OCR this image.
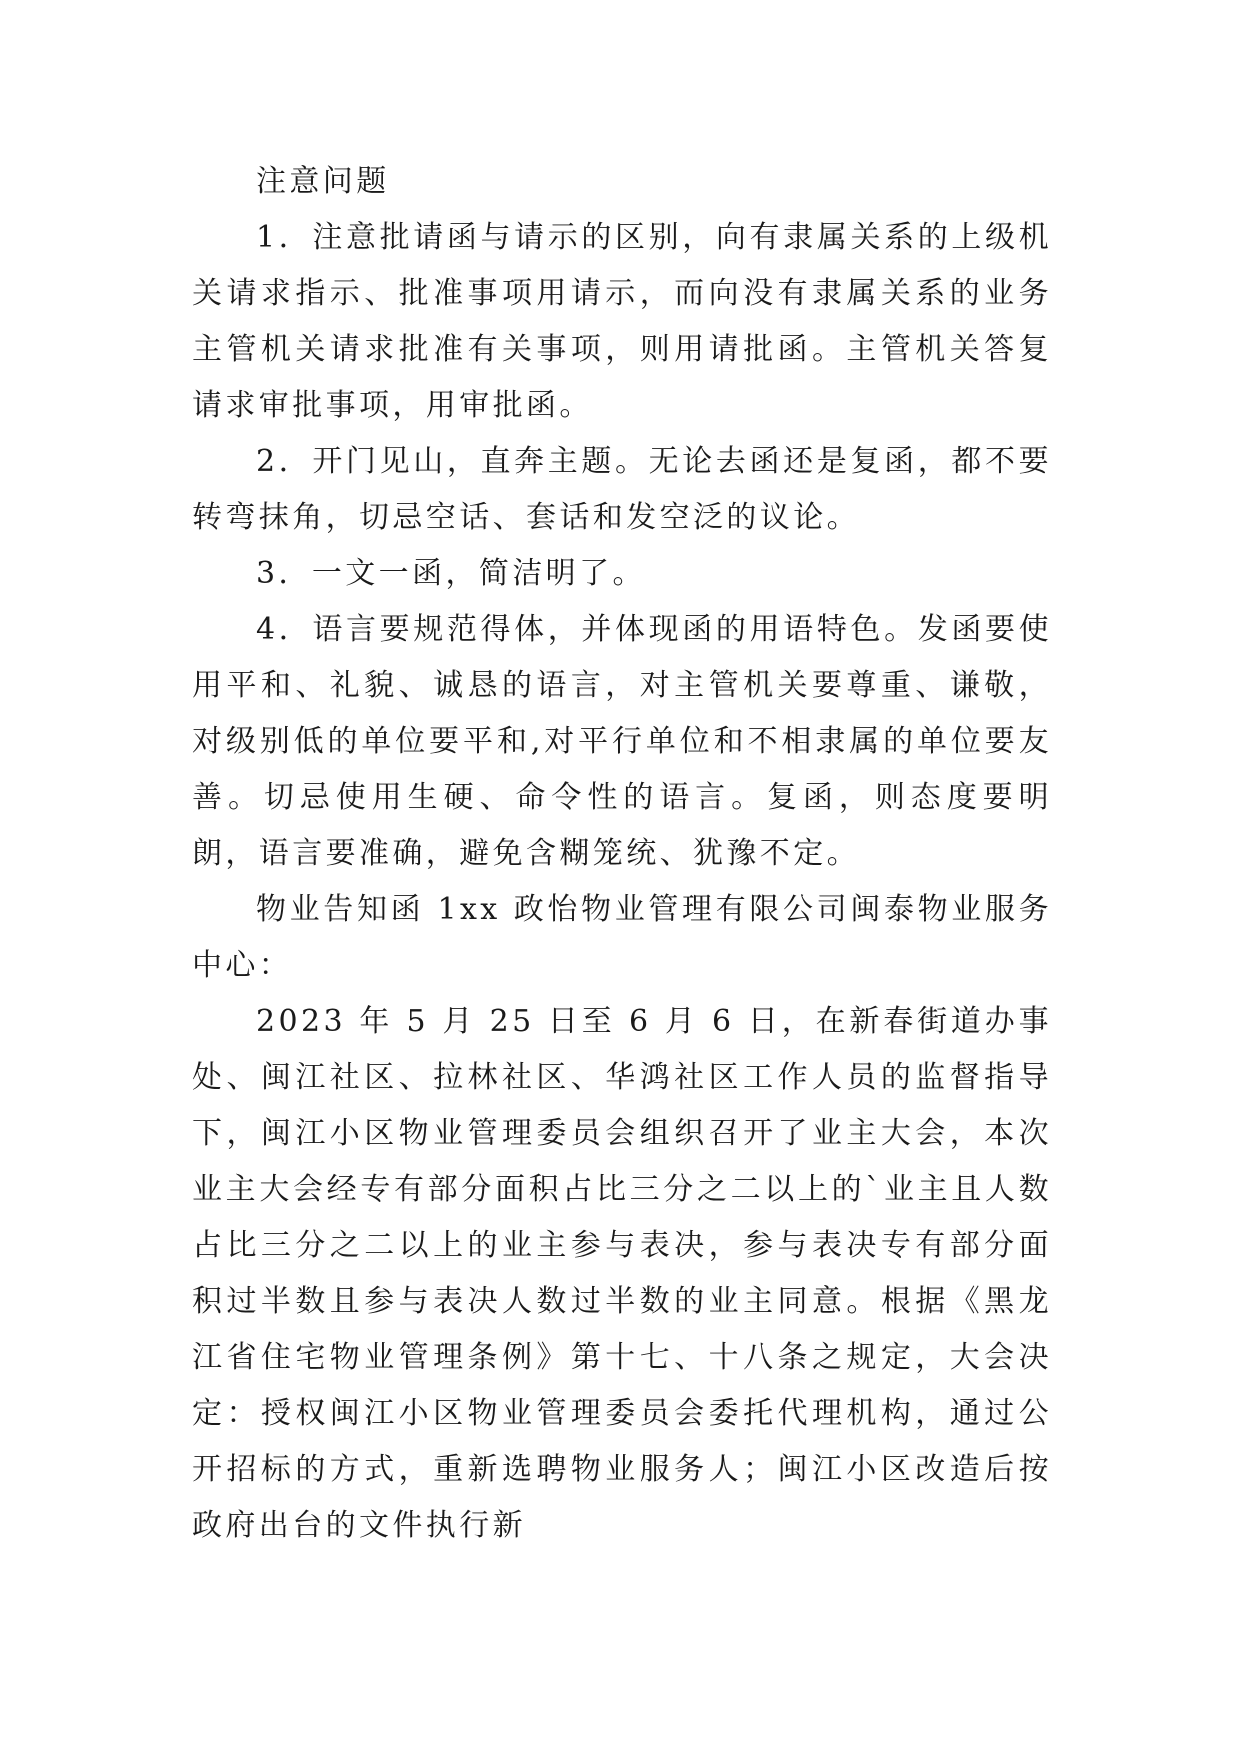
注意问题

1．注意批请函与请示的区别，向有隶属关系的上级机关请求指示、批准事项用请示，而向没有隶属关系的业务主管机关请求批准有关事项，则用请批函。主管机关答复请求审批事项，用审批函。

2．开门见山，直奔主题。无论去函还是复函，都不要转弯抹角，切忌空话、套话和发空泛的议论。

3．一文一函，简洁明了。

4．语言要规范得体，并体现函的用语特色。发函要使用平和、礼貌、诚恳的语言，对主管机关要尊重、谦敬，对级别低的单位要平和,对平行单位和不相隶属的单位要友善。切忌使用生硬、命令性的语言。复函，则态度要明朗，语言要准确，避免含糊笼统、犹豫不定。

物业告知函 1xx 政怡物业管理有限公司闽泰物业服务中心：

2023 年 5 月 25 日至 6 月 6 日，在新春街道办事处、闽江社区、拉林社区、华鸿社区工作人员的监督指导下，闽江小区物业管理委员会组织召开了业主大会，本次业主大会经专有部分面积占比三分之二以上的`业主且人数占比三分之二以上的业主参与表决，参与表决专有部分面积过半数且参与表决人数过半数的业主同意。根据《黑龙江省住宅物业管理条例》第十七、十八条之规定，大会决定：授权闽江小区物业管理委员会委托代理机构，通过公开招标的方式，重新选聘物业服务人；闽江小区改造后按政府出台的文件执行新
